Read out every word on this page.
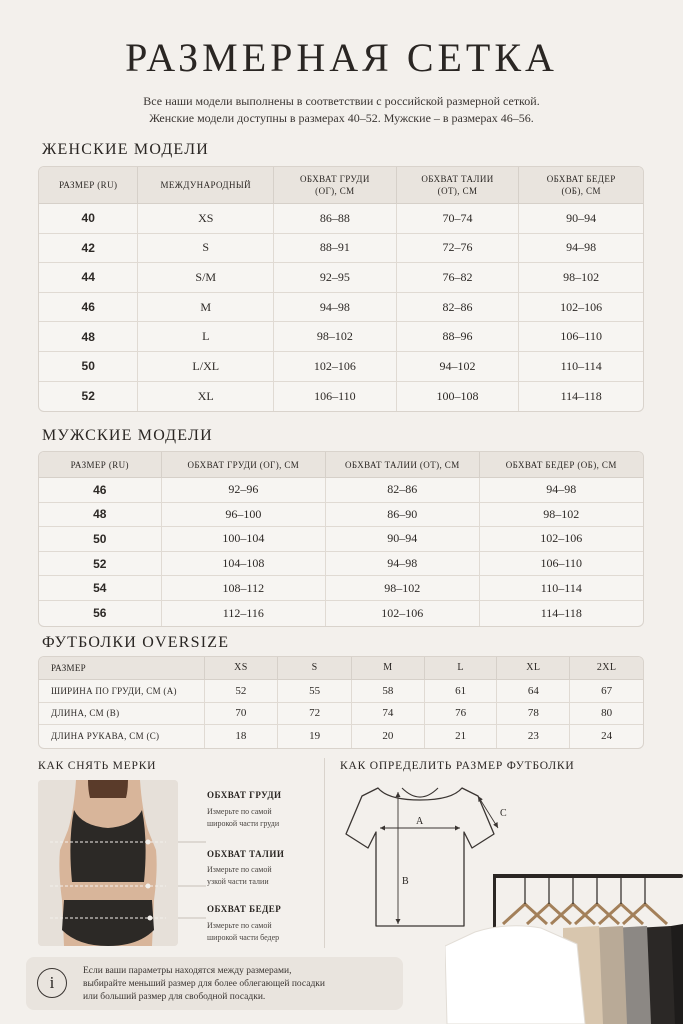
РАЗМЕРНАЯ СЕТКА
Все наши модели выполнены в соответствии с российской размерной сеткой.
Женские модели доступны в размерах 40–52. Мужские – в размерах 46–56.
ЖЕНСКИЕ МОДЕЛИ
РАЗМЕР (RU)	МЕЖДУНАРОДНЫЙ	ОБХВАТ ГРУДИ (ОГ), СМ	ОБХВАТ ТАЛИИ (ОТ), СМ	ОБХВАТ БЕДЕР (ОБ), СМ
40	XS	86–88	70–74	90–94
42	S	88–91	72–76	94–98
44	S/M	92–95	76–82	98–102
46	M	94–98	82–86	102–106
48	L	98–102	88–96	106–110
50	L/XL	102–106	94–102	110–114
52	XL	106–110	100–108	114–118
МУЖСКИЕ МОДЕЛИ
РАЗМЕР (RU)	ОБХВАТ ГРУДИ (ОГ), СМ	ОБХВАТ ТАЛИИ (ОТ), СМ	ОБХВАТ БЕДЕР (ОБ), СМ
46	92–96	82–86	94–98
48	96–100	86–90	98–102
50	100–104	90–94	102–106
52	104–108	94–98	106–110
54	108–112	98–102	110–114
56	112–116	102–106	114–118
ФУТБОЛКИ OVERSIZE
РАЗМЕР	XS	S	M	L	XL	2XL
ШИРИНА ПО ГРУДИ, СМ (A)	52	55	58	61	64	67
ДЛИНА, СМ (B)	70	72	74	76	78	80
ДЛИНА РУКАВА, СМ (C)	18	19	20	21	23	24
КАК СНЯТЬ МЕРКИ
ОБХВАТ ГРУДИ
Измерьте по самой
широкой части груди
ОБХВАТ ТАЛИИ
Измерьте по самой
узкой части талии
ОБХВАТ БЕДЕР
Измерьте по самой
широкой части бедер
КАК ОПРЕДЕЛИТЬ РАЗМЕР ФУТБОЛКИ
A
B
C
i
Если ваши параметры находятся между размерами,
выбирайте меньший размер для более облегающей посадки
или больший размер для свободной посадки.
